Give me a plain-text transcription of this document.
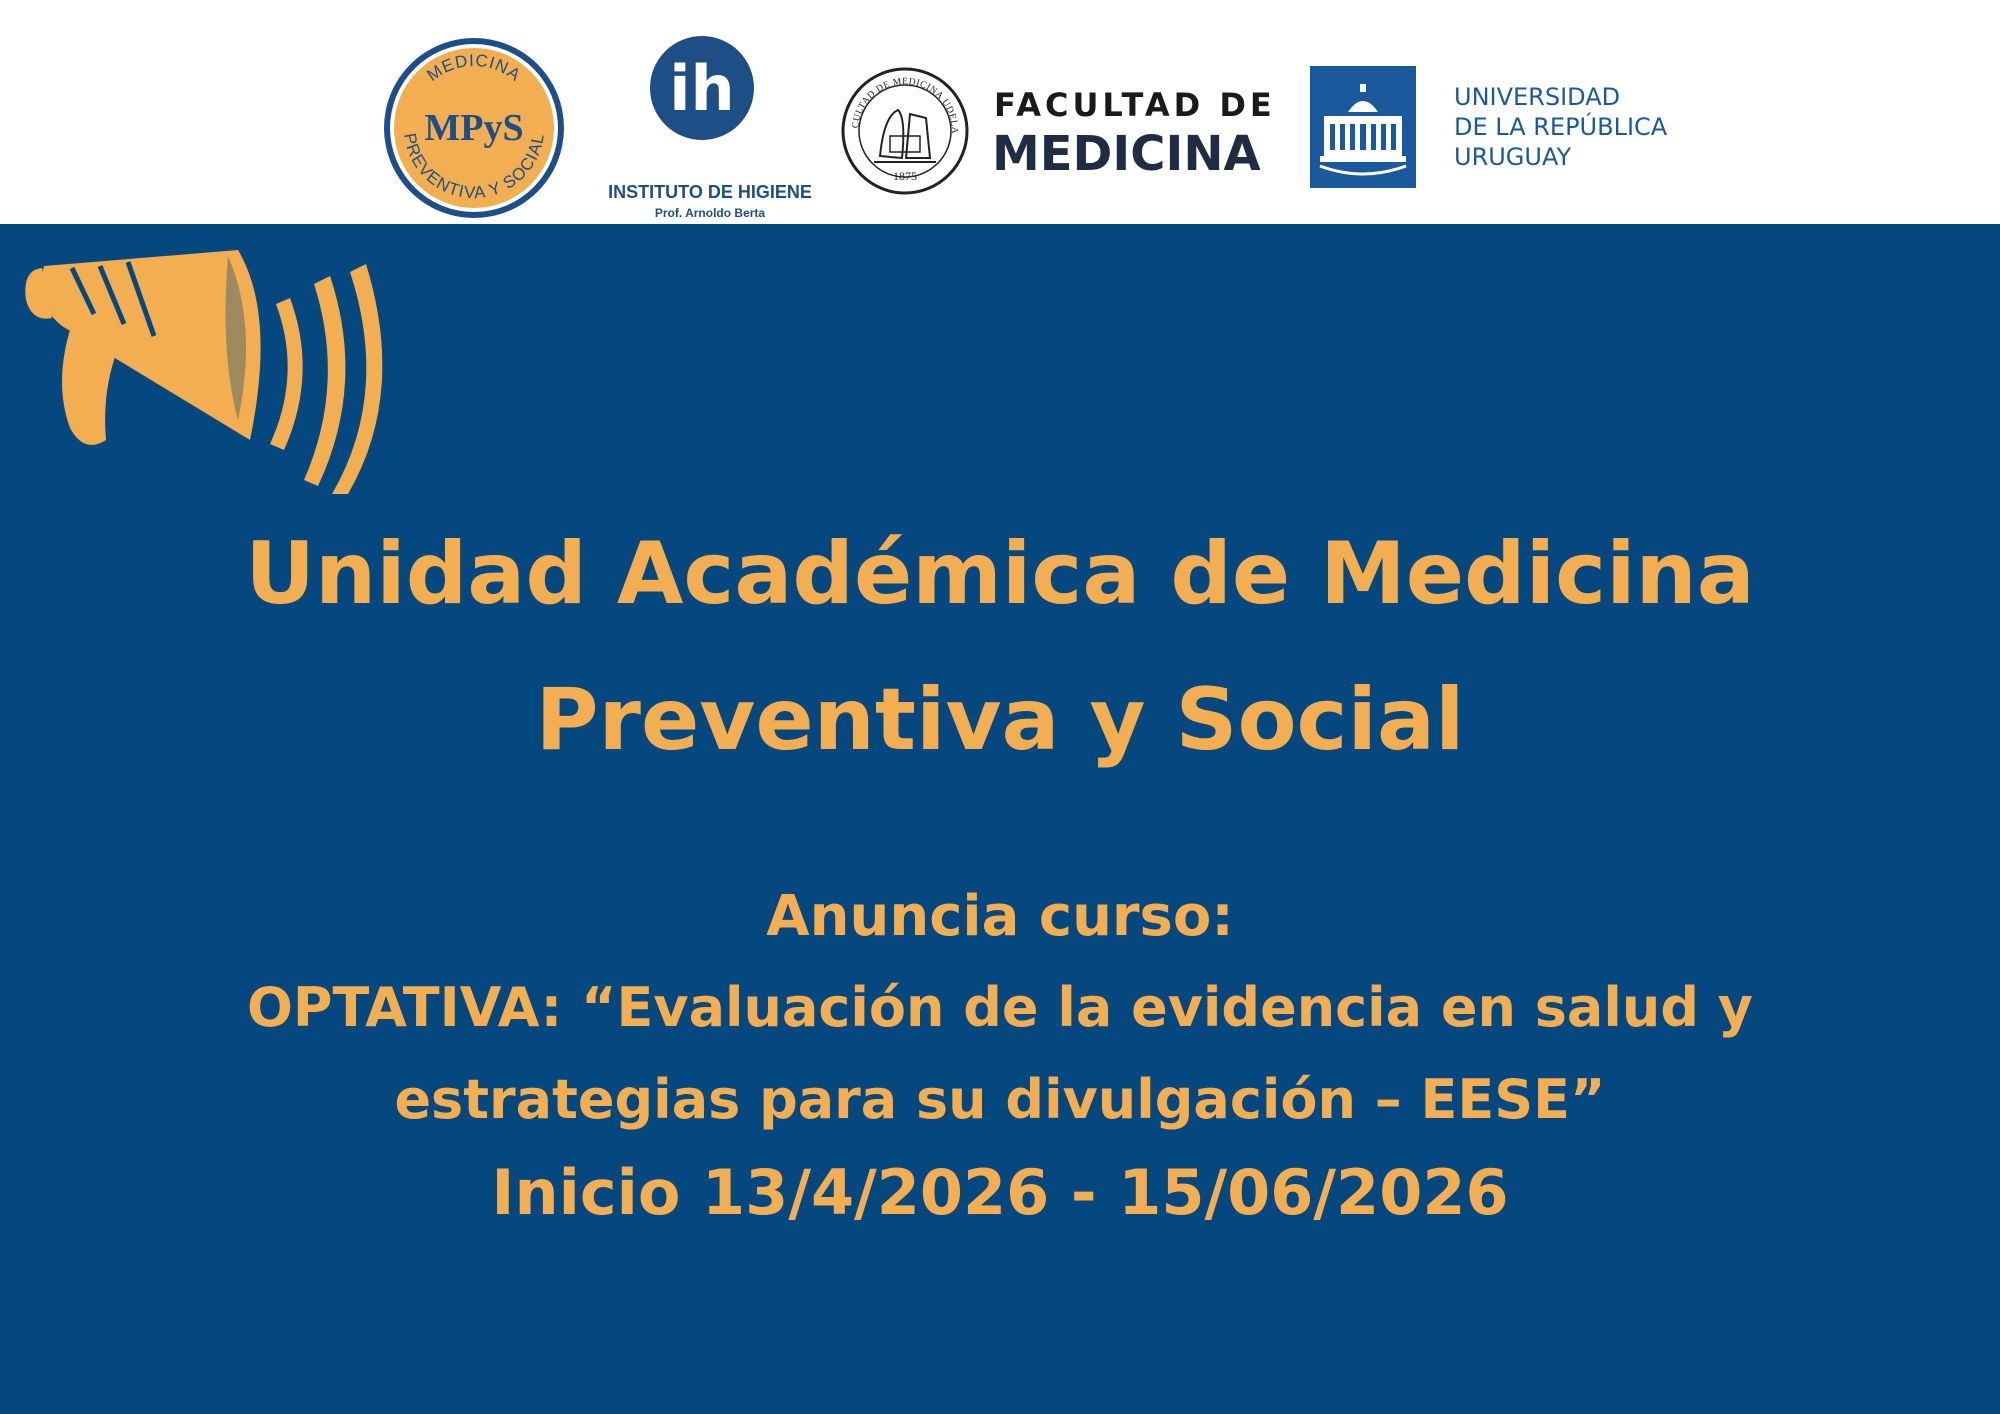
MEDICINA
PREVENTIVA Y SOCIAL
MPyS
ih
INSTITUTO DE HIGIENE
Prof. Arnoldo Berta
CULTAD DE MEDICINA UDELA
1875
FACULTAD DE
MEDICINA
UNIVERSIDAD
DE LA REPÚBLICA
URUGUAY
Unidad Académica de Medicina
Preventiva y Social
Anuncia curso:
OPTATIVA: “Evaluación de la evidencia en salud y
estrategias para su divulgación – EESE”
Inicio 13/4/2026 - 15/06/2026
